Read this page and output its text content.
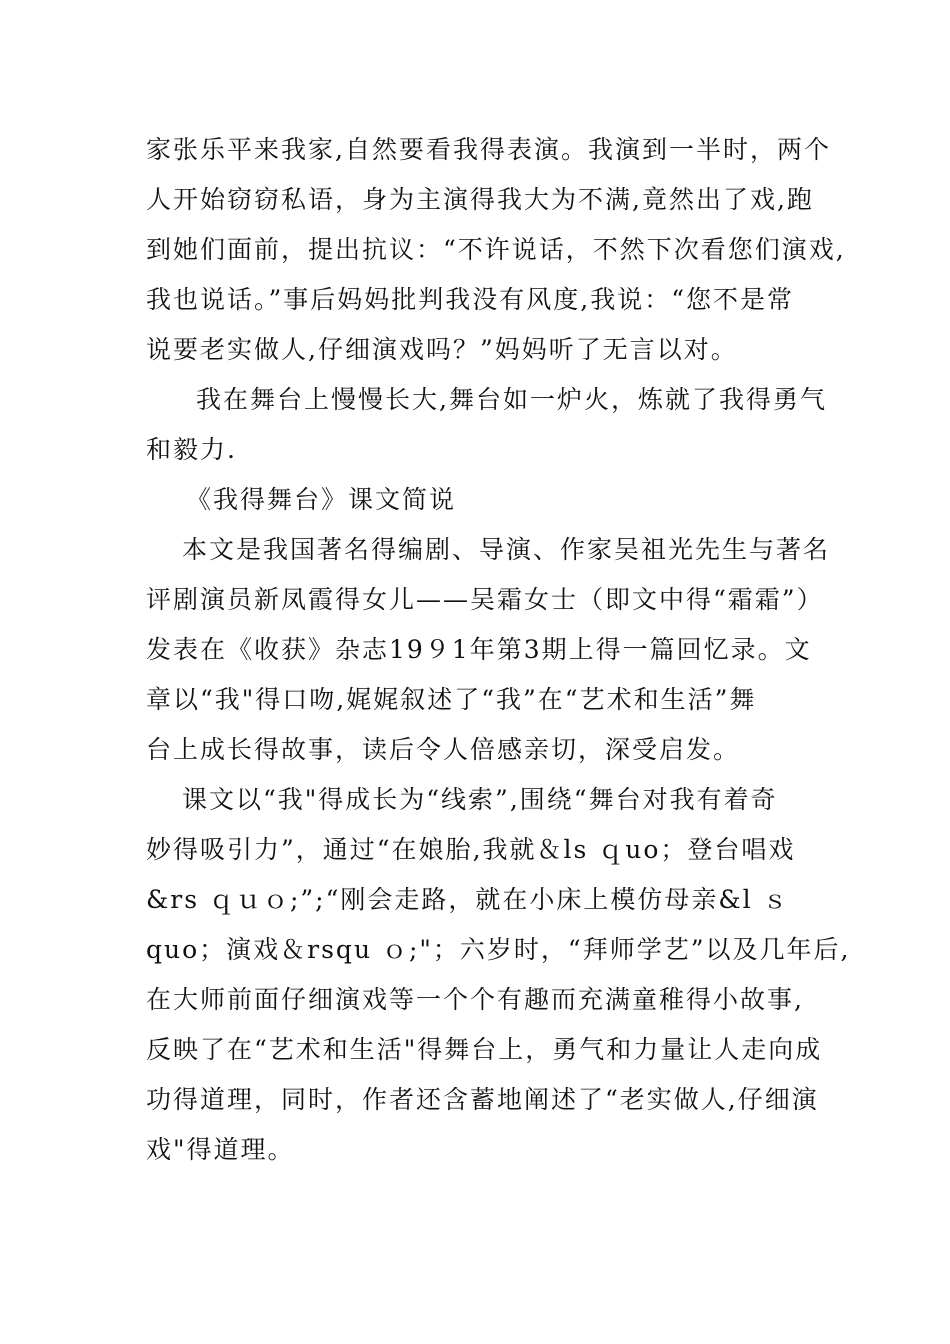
家张乐平来我家,自然要看我得表演。我演到一半时，两个
人开始窃窃私语，身为主演得我大为不满,竟然出了戏,跑
到她们面前，提出抗议：“不许说话，不然下次看您们演戏,
我也说话。”事后妈妈批判我没有风度,我说：“您不是常
说要老实做人,仔细演戏吗？”妈妈听了无言以对。
我在舞台上慢慢长大,舞台如一炉火，炼就了我得勇气
和毅力.
《我得舞台》课文简说
本文是我国著名得编剧、导演、作家吴祖光先生与著名
评剧演员新凤霞得女儿——吴霜女士（即文中得“霜霜”）
发表在《收获》杂志19９1年第3期上得一篇回忆录。文
章以“我"得口吻,娓娓叙述了“我”在“艺术和生活”舞
台上成长得故事，读后令人倍感亲切，深受启发。
课文以“我"得成长为“线索”,围绕“舞台对我有着奇
妙得吸引力”，通过“在娘胎,我就＆ls ｑuo；登台唱戏
&rs ｑｕｏ;”;“刚会走路，就在小床上模仿母亲&l ｓ
quo；演戏＆rsqu ｏ;"；六岁时，“拜师学艺”以及几年后,
在大师前面仔细演戏等一个个有趣而充满童稚得小故事,
反映了在“艺术和生活"得舞台上，勇气和力量让人走向成
功得道理，同时，作者还含蓄地阐述了“老实做人,仔细演
戏"得道理。
